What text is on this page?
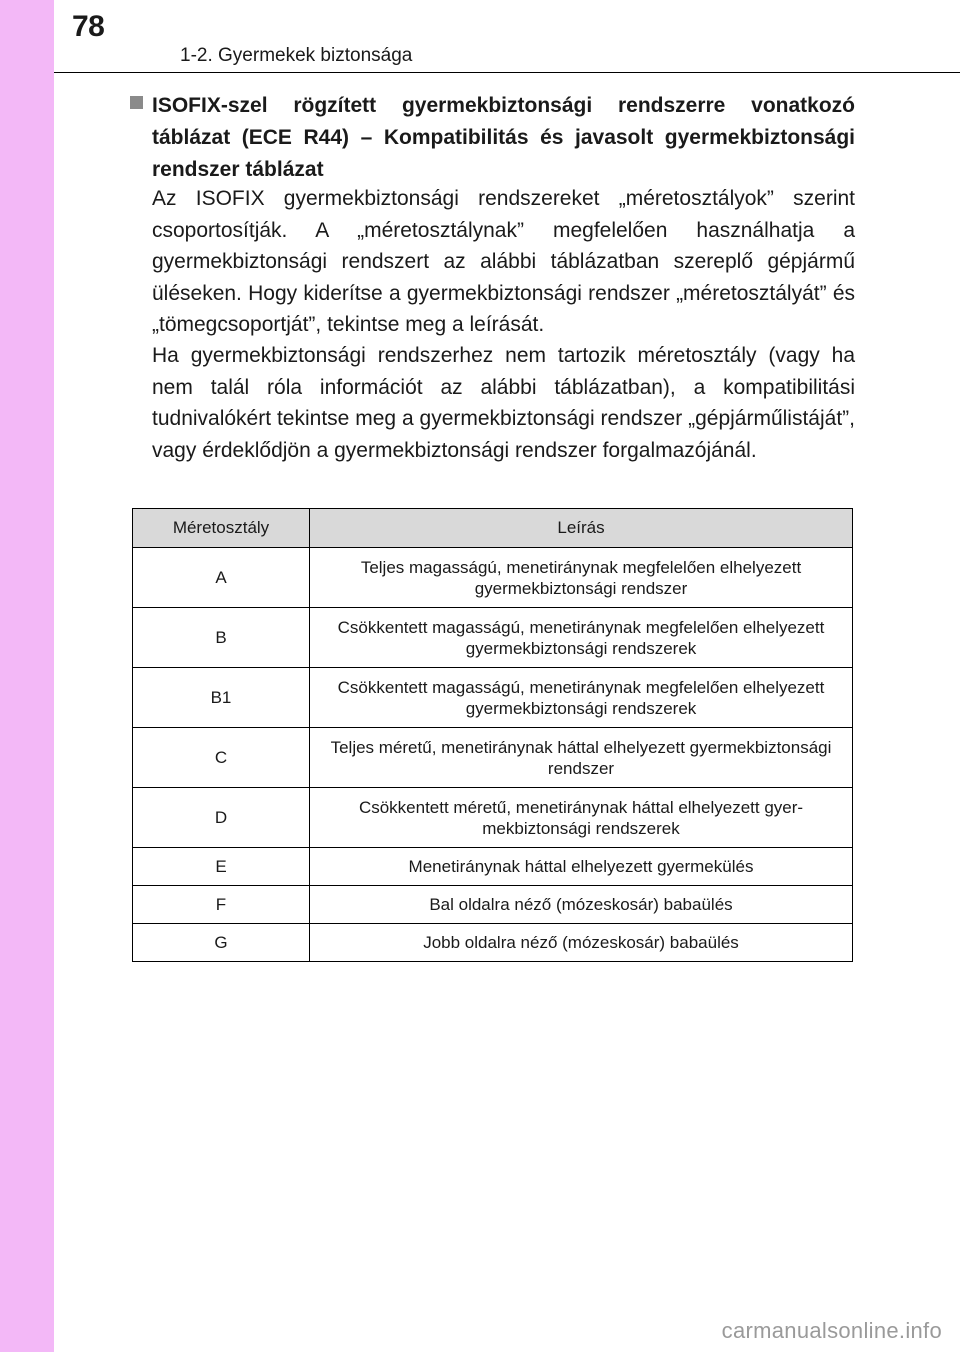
78
1-2. Gyermekek biztonsága
ISOFIX-szel rögzített gyermekbiztonsági rendszerre vonatkozó táblázat (ECE R44) – Kompatibilitás és javasolt gyermekbiztonsági rendszer táblázat
Az ISOFIX gyermekbiztonsági rendszereket „méretosztályok” szerint csoportosítják. A „méretosztálynak” megfelelően használhatja a gyermekbiztonsági rendszert az alábbi táblázatban szereplő gépjármű üléseken. Hogy kiderítse a gyermekbiztonsági rendszer „méretosztályát” és „tömegcsoportját”, tekintse meg a leírását.
Ha gyermekbiztonsági rendszerhez nem tartozik méretosztály (vagy ha nem talál róla információt az alábbi táblázatban), a kompatibilitási tudnivalókért tekintse meg a gyermekbiztonsági rendszer „gépjárműlistáját”, vagy érdeklődjön a gyermekbiztonsági rendszer forgalmazójánál.
Méretosztály	Leírás
A	Teljes magasságú, menetiránynak megfelelően elhelyezett gyermekbiztonsági rendszer
B	Csökkentett magasságú, menetiránynak megfelelően elhelyezett gyermekbiztonsági rendszerek
B1	Csökkentett magasságú, menetiránynak megfelelően elhelyezett gyermekbiztonsági rendszerek
C	Teljes méretű, menetiránynak háttal elhelyezett gyermekbiztonsági rendszer
D	Csökkentett méretű, menetiránynak háttal elhelyezett gyermekbiztonsági rendszerek
E	Menetiránynak háttal elhelyezett gyermekülés
F	Bal oldalra néző (mózeskosár) babaülés
G	Jobb oldalra néző (mózeskosár) babaülés
carmanualsonline.info
